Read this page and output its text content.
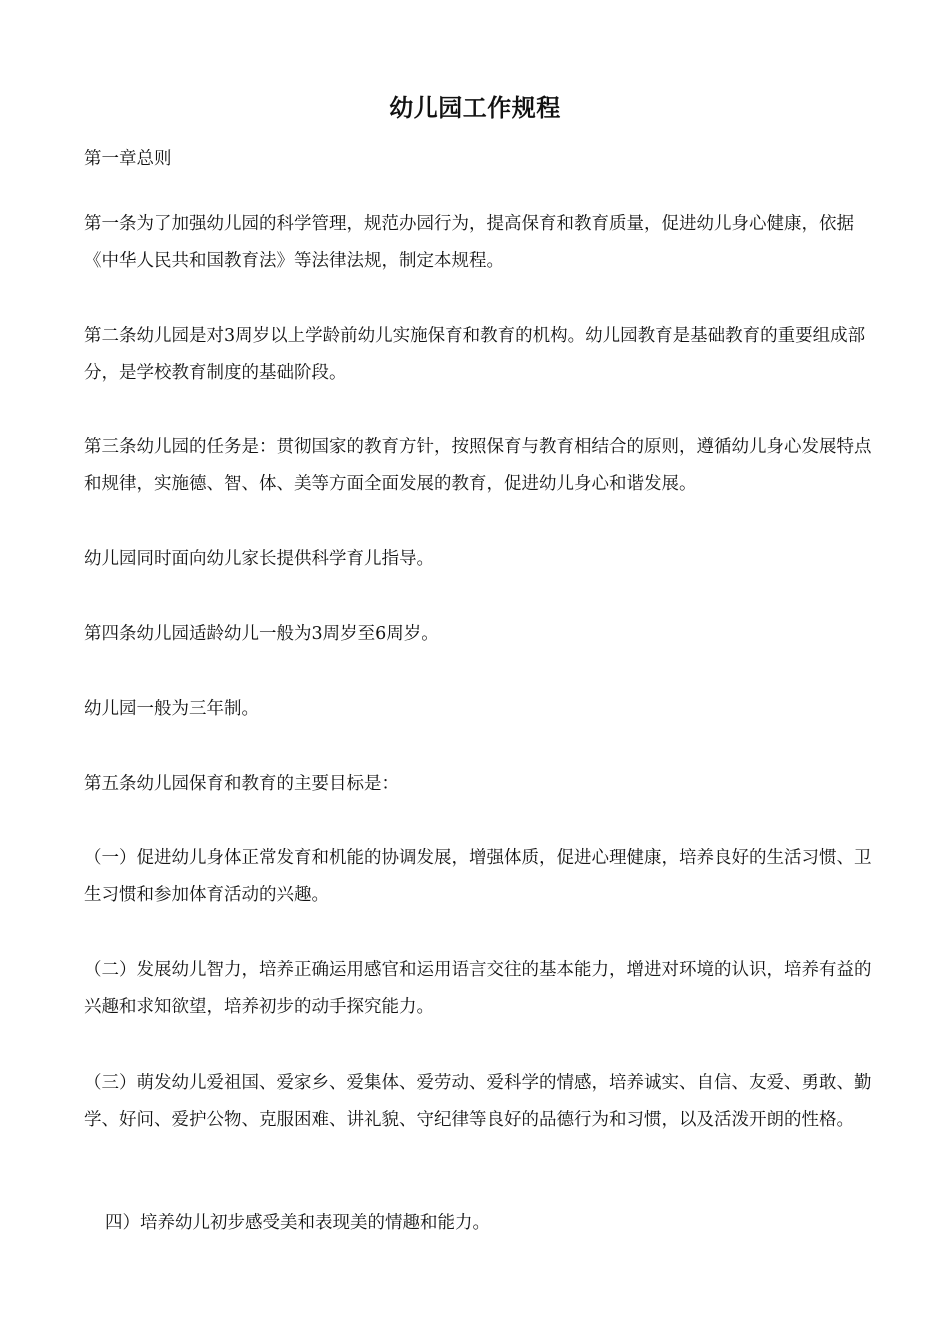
幼儿园工作规程

第一章总则

第一条为了加强幼儿园的科学管理，规范办园行为，提高保育和教育质量，促进幼儿身心健康，依据《中华人民共和国教育法》等法律法规，制定本规程。

第二条幼儿园是对3周岁以上学龄前幼儿实施保育和教育的机构。幼儿园教育是基础教育的重要组成部分，是学校教育制度的基础阶段。

第三条幼儿园的任务是：贯彻国家的教育方针，按照保育与教育相结合的原则，遵循幼儿身心发展特点和规律，实施德、智、体、美等方面全面发展的教育，促进幼儿身心和谐发展。

幼儿园同时面向幼儿家长提供科学育儿指导。

第四条幼儿园适龄幼儿一般为3周岁至6周岁。

幼儿园一般为三年制。

第五条幼儿园保育和教育的主要目标是：

（一）促进幼儿身体正常发育和机能的协调发展，增强体质，促进心理健康，培养良好的生活习惯、卫生习惯和参加体育活动的兴趣。

（二）发展幼儿智力，培养正确运用感官和运用语言交往的基本能力，增进对环境的认识，培养有益的兴趣和求知欲望，培养初步的动手探究能力。

（三）萌发幼儿爱祖国、爱家乡、爱集体、爱劳动、爱科学的情感，培养诚实、自信、友爱、勇敢、勤学、好问、爱护公物、克服困难、讲礼貌、守纪律等良好的品德行为和习惯，以及活泼开朗的性格。

四）培养幼儿初步感受美和表现美的情趣和能力。
